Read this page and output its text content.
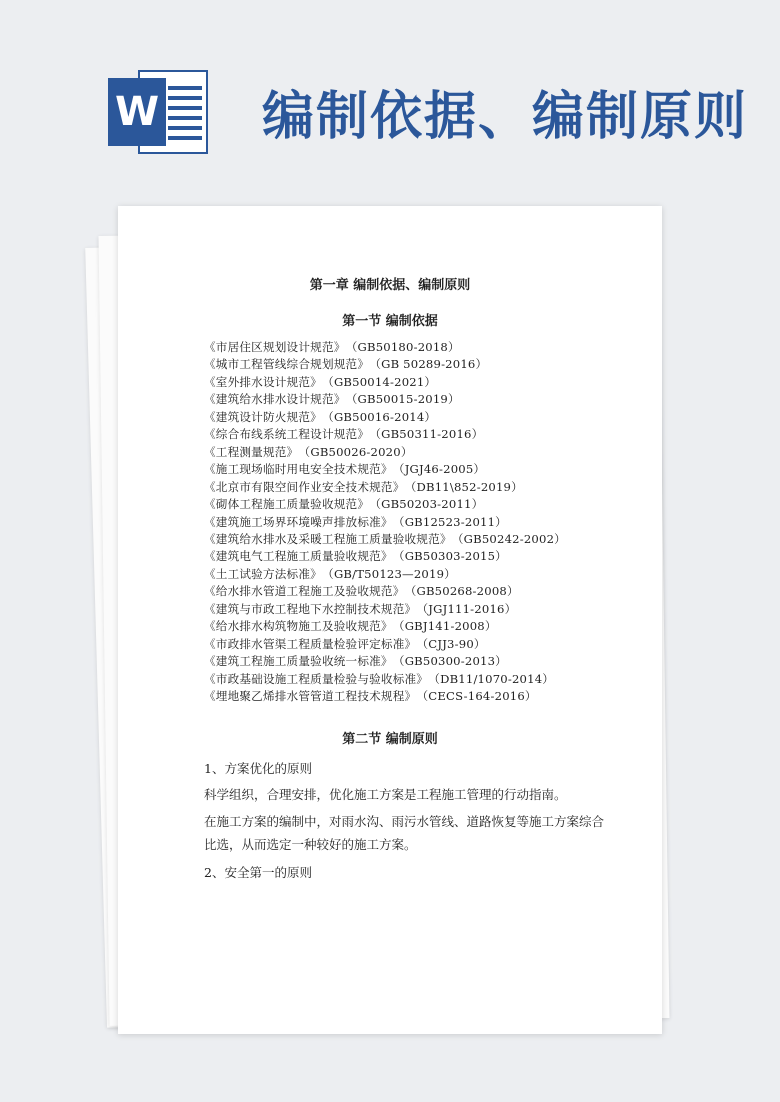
W 编制依据、编制原则
第一章 编制依据、编制原则
第一节 编制依据
《市居住区规划设计规范》 （GB50180-2018）
《城市工程管线综合规划规范》 （GB 50289-2016）
《室外排水设计规范》 （GB50014-2021）
《建筑给水排水设计规范》 （GB50015-2019）
《建筑设计防火规范》 （GB50016-2014）
《综合布线系统工程设计规范》 （GB50311-2016）
《工程测量规范》 （GB50026-2020）
《施工现场临时用电安全技术规范》 （JGJ46-2005）
《北京市有限空间作业安全技术规范》 （DB11\852-2019）
《砌体工程施工质量验收规范》 （GB50203-2011）
《建筑施工场界环境噪声排放标准》 （GB12523-2011）
《建筑给水排水及采暖工程施工质量验收规范》 （GB50242-2002）
《建筑电气工程施工质量验收规范》 （GB50303-2015）
《土工试验方法标准》 （GB/T50123—2019）
《给水排水管道工程施工及验收规范》 （GB50268-2008）
《建筑与市政工程地下水控制技术规范》 （JGJ111-2016）
《给水排水构筑物施工及验收规范》 （GBJ141-2008）
《市政排水管渠工程质量检验评定标准》 （CJJ3-90）
《建筑工程施工质量验收统一标准》 （GB50300-2013）
《市政基础设施工程质量检验与验收标准》 （DB11/1070-2014）
《埋地聚乙烯排水管管道工程技术规程》 （CECS-164-2016）
第二节 编制原则
1、方案优化的原则
科学组织，合理安排，优化施工方案是工程施工管理的行动指南。
在施工方案的编制中，对雨水沟、雨污水管线、道路恢复等施工方案综合比选，从而选定一种较好的施工方案。
2、安全第一的原则
